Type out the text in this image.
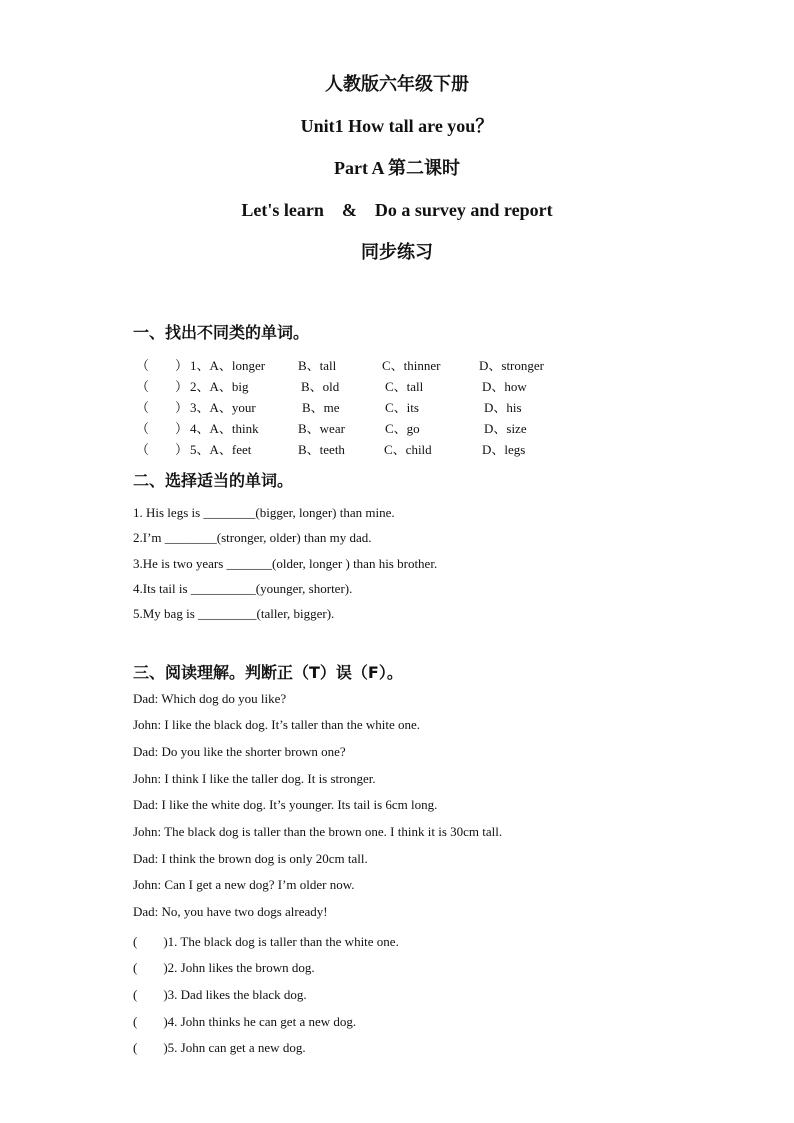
人教版六年级下册
Unit1 How tall are you？
Part A 第二课时
Let's learn　&　Do a survey and report
同步练习
一、找出不同类的单词。
（　　） 1、A、longer	B、tall	C、thinner	D、stronger
（　　） 2、A、big	B、old	C、tall	D、how
（　　） 3、A、your	B、me	C、its	D、his
（　　） 4、A、think	B、wear	C、go	D、size
（　　） 5、A、feet	B、teeth	C、child	D、legs
二、选择适当的单词。
1. His legs is ________(bigger, longer) than mine.
2.I’m ________(stronger, older) than my dad.
3.He is two years _______(older, longer ) than his brother.
4.Its tail is __________(younger, shorter).
5.My bag is _________(taller, bigger).
三、阅读理解。判断正（T）误（F）。
Dad: Which dog do you like?
John: I like the black dog. It’s taller than the white one.
Dad: Do you like the shorter brown one?
John: I think I like the taller dog. It is stronger.
Dad: I like the white dog. It’s younger. Its tail is 6cm long.
John: The black dog is taller than the brown one. I think it is 30cm tall.
Dad: I think the brown dog is only 20cm tall.
John: Can I get a new dog? I’m older now.
Dad: No, you have two dogs already!
(　　)1. The black dog is taller than the white one.
(　　)2. John likes the brown dog.
(　　)3. Dad likes the black dog.
(　　)4. John thinks he can get a new dog.
(　　)5. John can get a new dog.
